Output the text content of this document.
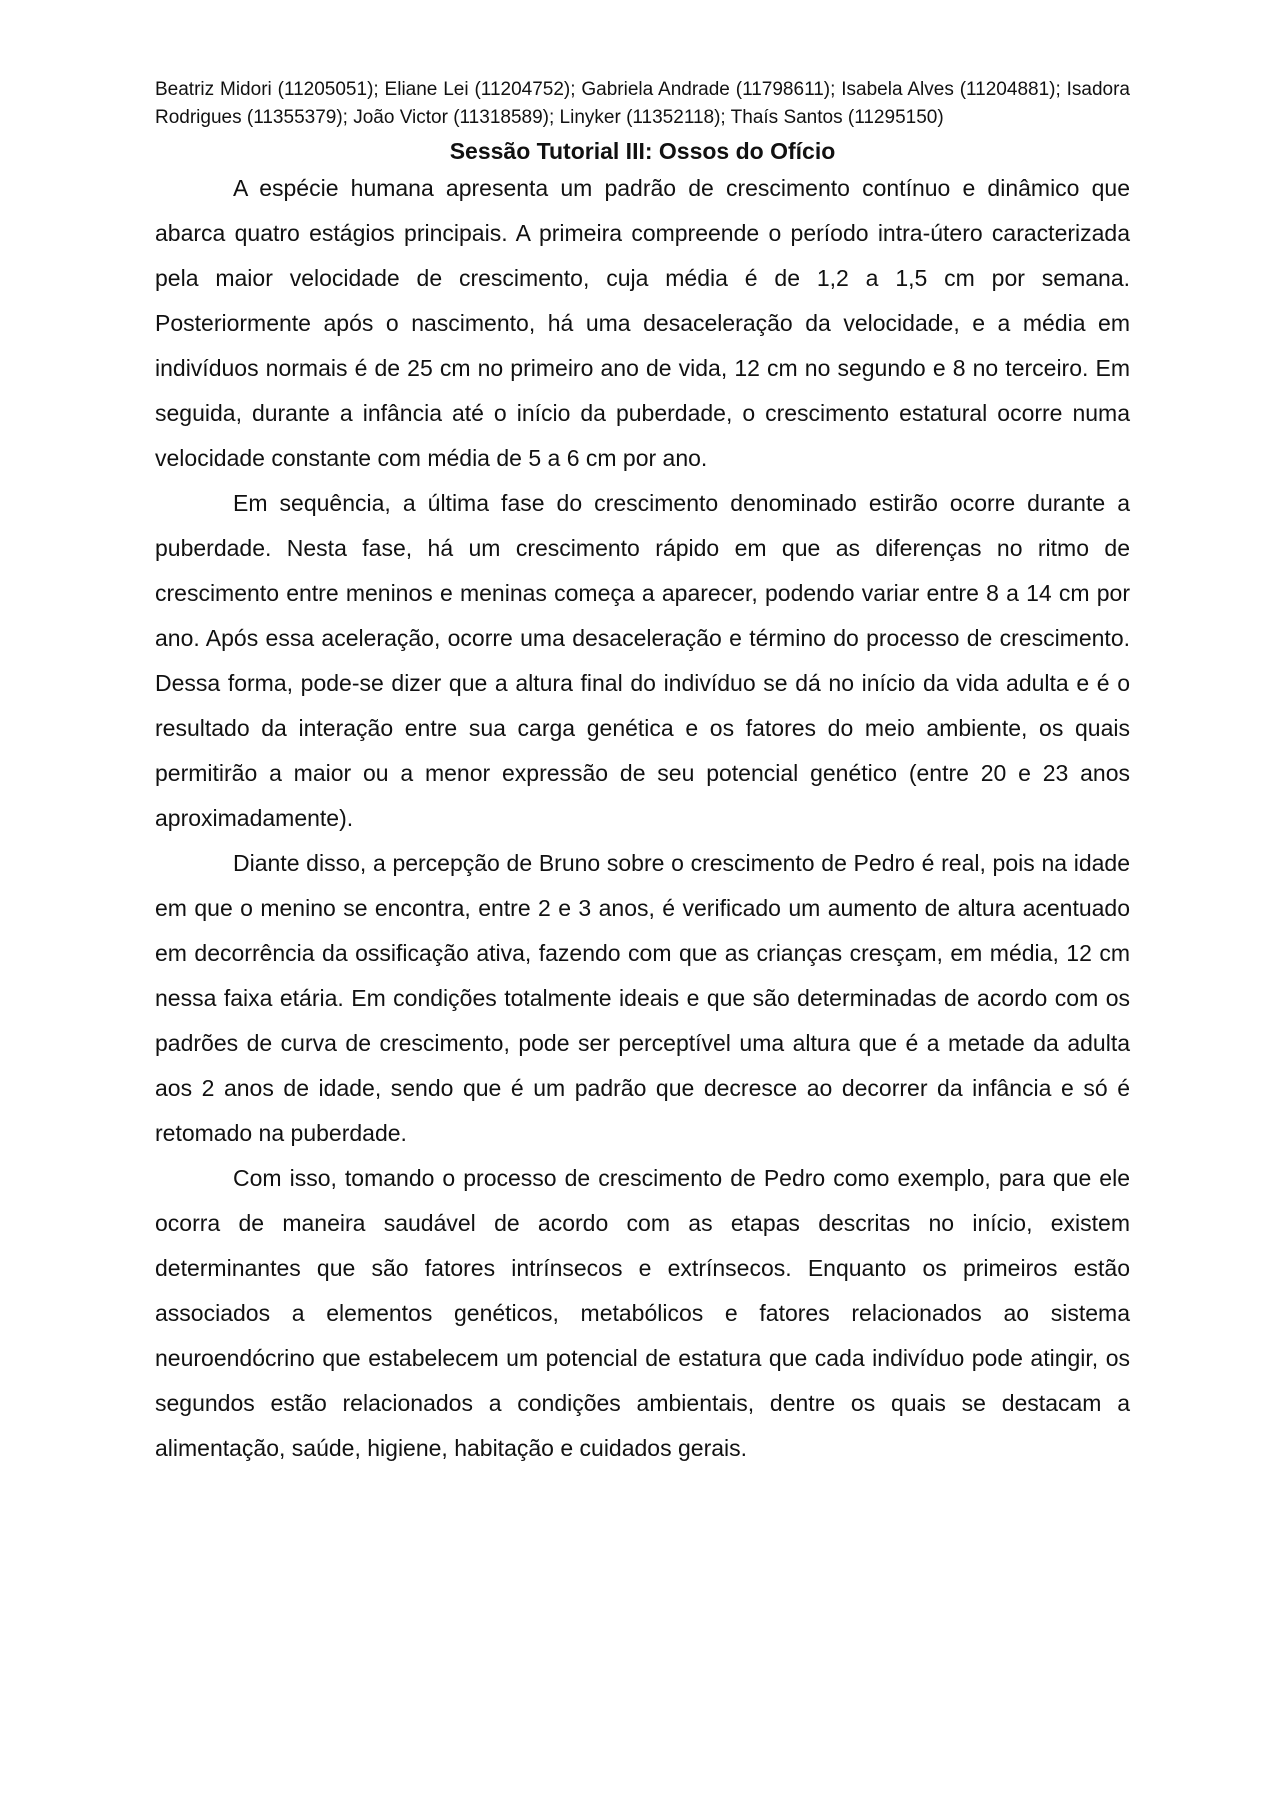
Beatriz Midori (11205051); Eliane Lei (11204752); Gabriela Andrade (11798611); Isabela Alves (11204881); Isadora Rodrigues (11355379); João Victor (11318589); Linyker (11352118); Thaís Santos (11295150)

Sessão Tutorial III: Ossos do Ofício

A espécie humana apresenta um padrão de crescimento contínuo e dinâmico que abarca quatro estágios principais. A primeira compreende o período intra-útero caracterizada pela maior velocidade de crescimento, cuja média é de 1,2 a 1,5 cm por semana. Posteriormente após o nascimento, há uma desaceleração da velocidade, e a média em indivíduos normais é de 25 cm no primeiro ano de vida, 12 cm no segundo e 8 no terceiro. Em seguida, durante a infância até o início da puberdade, o crescimento estatural ocorre numa velocidade constante com média de 5 a 6 cm por ano.

Em sequência, a última fase do crescimento denominado estirão ocorre durante a puberdade. Nesta fase, há um crescimento rápido em que as diferenças no ritmo de crescimento entre meninos e meninas começa a aparecer, podendo variar entre 8 a 14 cm por ano. Após essa aceleração, ocorre uma desaceleração e término do processo de crescimento. Dessa forma, pode-se dizer que a altura final do indivíduo se dá no início da vida adulta e é o resultado da interação entre sua carga genética e os fatores do meio ambiente, os quais permitirão a maior ou a menor expressão de seu potencial genético (entre 20 e 23 anos aproximadamente).

Diante disso, a percepção de Bruno sobre o crescimento de Pedro é real, pois na idade em que o menino se encontra, entre 2 e 3 anos, é verificado um aumento de altura acentuado em decorrência da ossificação ativa, fazendo com que as crianças cresçam, em média, 12 cm nessa faixa etária. Em condições totalmente ideais e que são determinadas de acordo com os padrões de curva de crescimento, pode ser perceptível uma altura que é a metade da adulta aos 2 anos de idade, sendo que é um padrão que decresce ao decorrer da infância e só é retomado na puberdade.

Com isso, tomando o processo de crescimento de Pedro como exemplo, para que ele ocorra de maneira saudável de acordo com as etapas descritas no início, existem determinantes que são fatores intrínsecos e extrínsecos. Enquanto os primeiros estão associados a elementos genéticos, metabólicos e fatores relacionados ao sistema neuroendócrino que estabelecem um potencial de estatura que cada indivíduo pode atingir, os segundos estão relacionados a condições ambientais, dentre os quais se destacam a alimentação, saúde, higiene, habitação e cuidados gerais.
